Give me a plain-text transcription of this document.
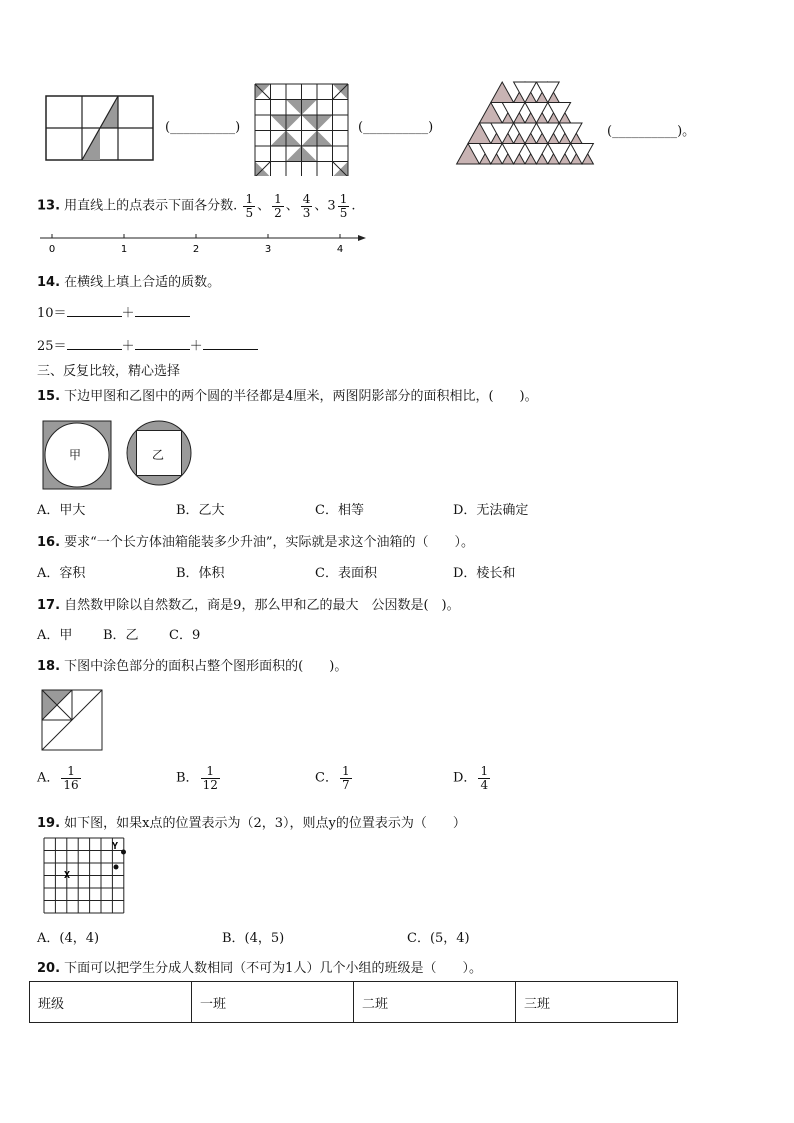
(__________)	(__________)	(__________)。
13. 用直线上的点表示下面各分数. $\frac{1}{5}$ 、 $\frac{1}{2}$ 、 $\frac{4}{3}$ 、$3 \frac{1}{5}$ .
0	1	2	3	4
14. 在横线上填上合适的质数。
10＝	＋
25＝	＋	＋
三、反复比较，精心选择
15. 下边甲图和乙图中的两个圆的半径都是4厘米，两图阴影部分的面积相比，(　　)。
甲	乙
A．甲大	B．乙大	C．相等	D．无法确定
16. 要求“一个长方体油箱能装多少升油”，实际就是求这个油箱的（　　）。
A．容积	B．体积	C．表面积	D．棱长和
17. 自然数甲除以自然数乙，商是9，那么甲和乙的最大　公因数是(　)。
A．甲 B．乙 C．9
18. 下图中涂色部分的面积占整个图形面积的(　　)。
A． $\frac{1}{16}$	B． $\frac{1}{12}$	C． $\frac{1}{7}$	D． $\frac{1}{4}$
19. 如下图，如果x点的位置表示为（2，3），则点y的位置表示为（　　）
X
Y
A．(4，4)	B．(4，5)	C．(5，4)
20. 下面可以把学生分成人数相同（不可为1人）几个小组的班级是（　　）。
班级	一班	二班	三班
